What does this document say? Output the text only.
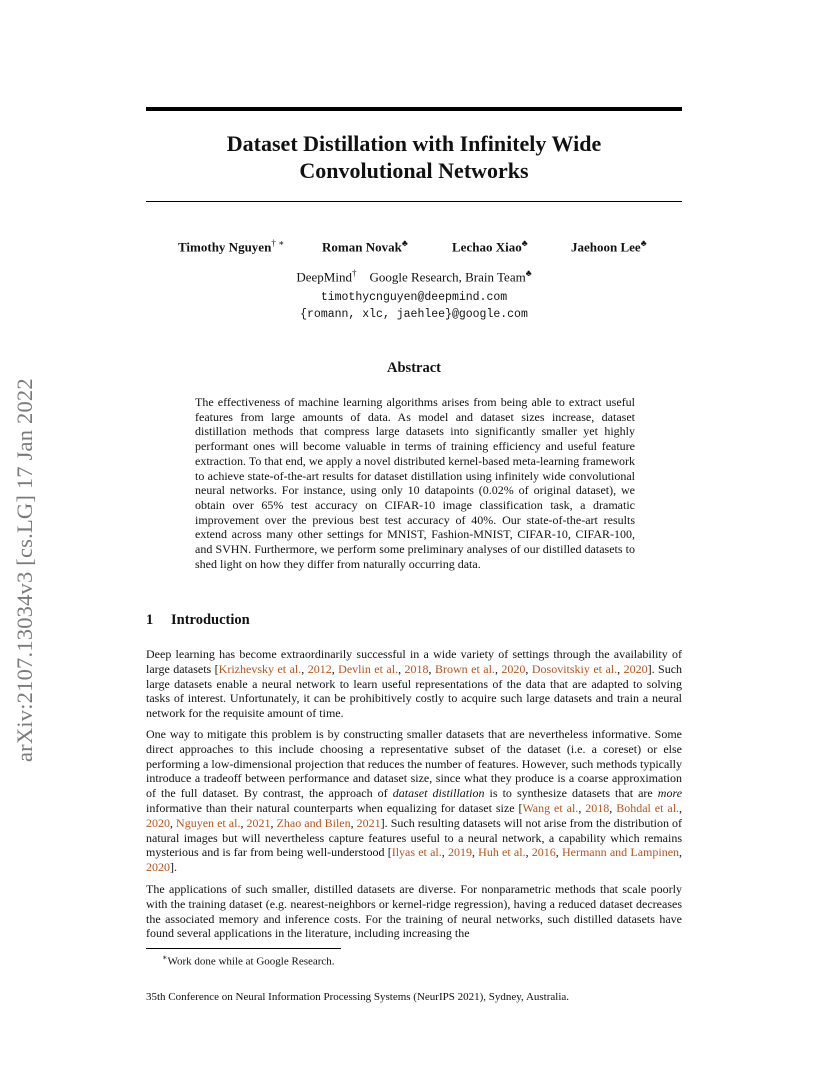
arXiv:2107.13034v3 [cs.LG] 17 Jan 2022
Dataset Distillation with Infinitely Wide
Convolutional Networks
Timothy Nguyen† ∗	Roman Novak♣	Lechao Xiao♣	Jaehoon Lee♣
DeepMind† Google Research, Brain Team♣
timothycnguyen@deepmind.com
{romann, xlc, jaehlee}@google.com
Abstract
The effectiveness of machine learning algorithms arises from being able to extract useful features from large amounts of data. As model and dataset sizes increase, dataset distillation methods that compress large datasets into significantly smaller yet highly performant ones will become valuable in terms of training efficiency and useful feature extraction. To that end, we apply a novel distributed kernel-based meta-learning framework to achieve state-of-the-art results for dataset distillation using infinitely wide convolutional neural networks. For instance, using only 10 datapoints (0.02% of original dataset), we obtain over 65% test accuracy on CIFAR-10 image classification task, a dramatic improvement over the previous best test accuracy of 40%. Our state-of-the-art results extend across many other settings for MNIST, Fashion-MNIST, CIFAR-10, CIFAR-100, and SVHN. Furthermore, we perform some preliminary analyses of our distilled datasets to shed light on how they differ from naturally occurring data.
1 Introduction
Deep learning has become extraordinarily successful in a wide variety of settings through the availability of large datasets [Krizhevsky et al., 2012, Devlin et al., 2018, Brown et al., 2020, Dosovitskiy et al., 2020]. Such large datasets enable a neural network to learn useful representations of the data that are adapted to solving tasks of interest. Unfortunately, it can be prohibitively costly to acquire such large datasets and train a neural network for the requisite amount of time.
One way to mitigate this problem is by constructing smaller datasets that are nevertheless informative. Some direct approaches to this include choosing a representative subset of the dataset (i.e. a coreset) or else performing a low-dimensional projection that reduces the number of features. However, such methods typically introduce a tradeoff between performance and dataset size, since what they produce is a coarse approximation of the full dataset. By contrast, the approach of dataset distillation is to synthesize datasets that are more informative than their natural counterparts when equalizing for dataset size [Wang et al., 2018, Bohdal et al., 2020, Nguyen et al., 2021, Zhao and Bilen, 2021]. Such resulting datasets will not arise from the distribution of natural images but will nevertheless capture features useful to a neural network, a capability which remains mysterious and is far from being well-understood [Ilyas et al., 2019, Huh et al., 2016, Hermann and Lampinen, 2020].
The applications of such smaller, distilled datasets are diverse. For nonparametric methods that scale poorly with the training dataset (e.g. nearest-neighbors or kernel-ridge regression), having a reduced dataset decreases the associated memory and inference costs. For the training of neural networks, such distilled datasets have found several applications in the literature, including increasing the
∗Work done while at Google Research.
35th Conference on Neural Information Processing Systems (NeurIPS 2021), Sydney, Australia.
